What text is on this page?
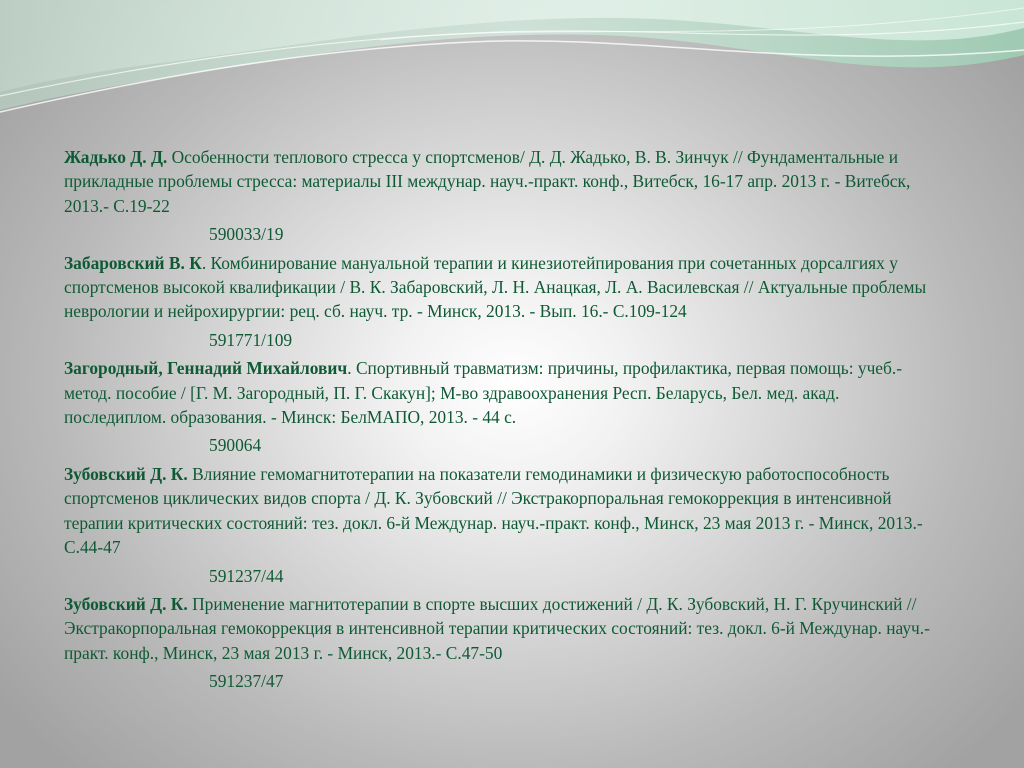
Жадько Д. Д. Особенности теплового стресса у спортсменов/ Д. Д. Жадько, В. В. Зинчук // Фундаментальные и прикладные проблемы стресса: материалы III междунар. науч.-практ. конф., Витебск, 16-17 апр. 2013 г. - Витебск, 2013.- С.19-22

590033/19

Забаровский В. К. Комбинирование мануальной терапии и кинезиотейпирования при сочетанных дорсалгиях у спортсменов высокой квалификации / В. К. Забаровский, Л. Н. Анацкая, Л. А. Василевская // Актуальные проблемы неврологии и нейрохирургии: рец. сб. науч. тр. - Минск, 2013. - Вып. 16.- С.109-124

591771/109

Загородный, Геннадий Михайлович. Спортивный травматизм: причины, профилактика, первая помощь: учеб.-метод. пособие / [Г. М. Загородный, П. Г. Скакун]; М-во здравоохранения Респ. Беларусь, Бел. мед. акад. последиплом. образования. - Минск: БелМАПО, 2013. - 44 с.

590064

Зубовский Д. К. Влияние гемомагнитотерапии на показатели гемодинамики и физическую работоспособность спортсменов циклических видов спорта / Д. К. Зубовский // Экстракорпоральная гемокоррекция в интенсивной терапии критических состояний: тез. докл. 6-й Междунар. науч.-практ. конф., Минск, 23 мая 2013 г. - Минск, 2013.- С.44-47

591237/44

Зубовский Д. К. Применение магнитотерапии в спорте высших достижений / Д. К. Зубовский, Н. Г. Кручинский // Экстракорпоральная гемокоррекция в интенсивной терапии критических состояний: тез. докл. 6-й Междунар. науч.-практ. конф., Минск, 23 мая 2013 г. - Минск, 2013.- С.47-50

591237/47
